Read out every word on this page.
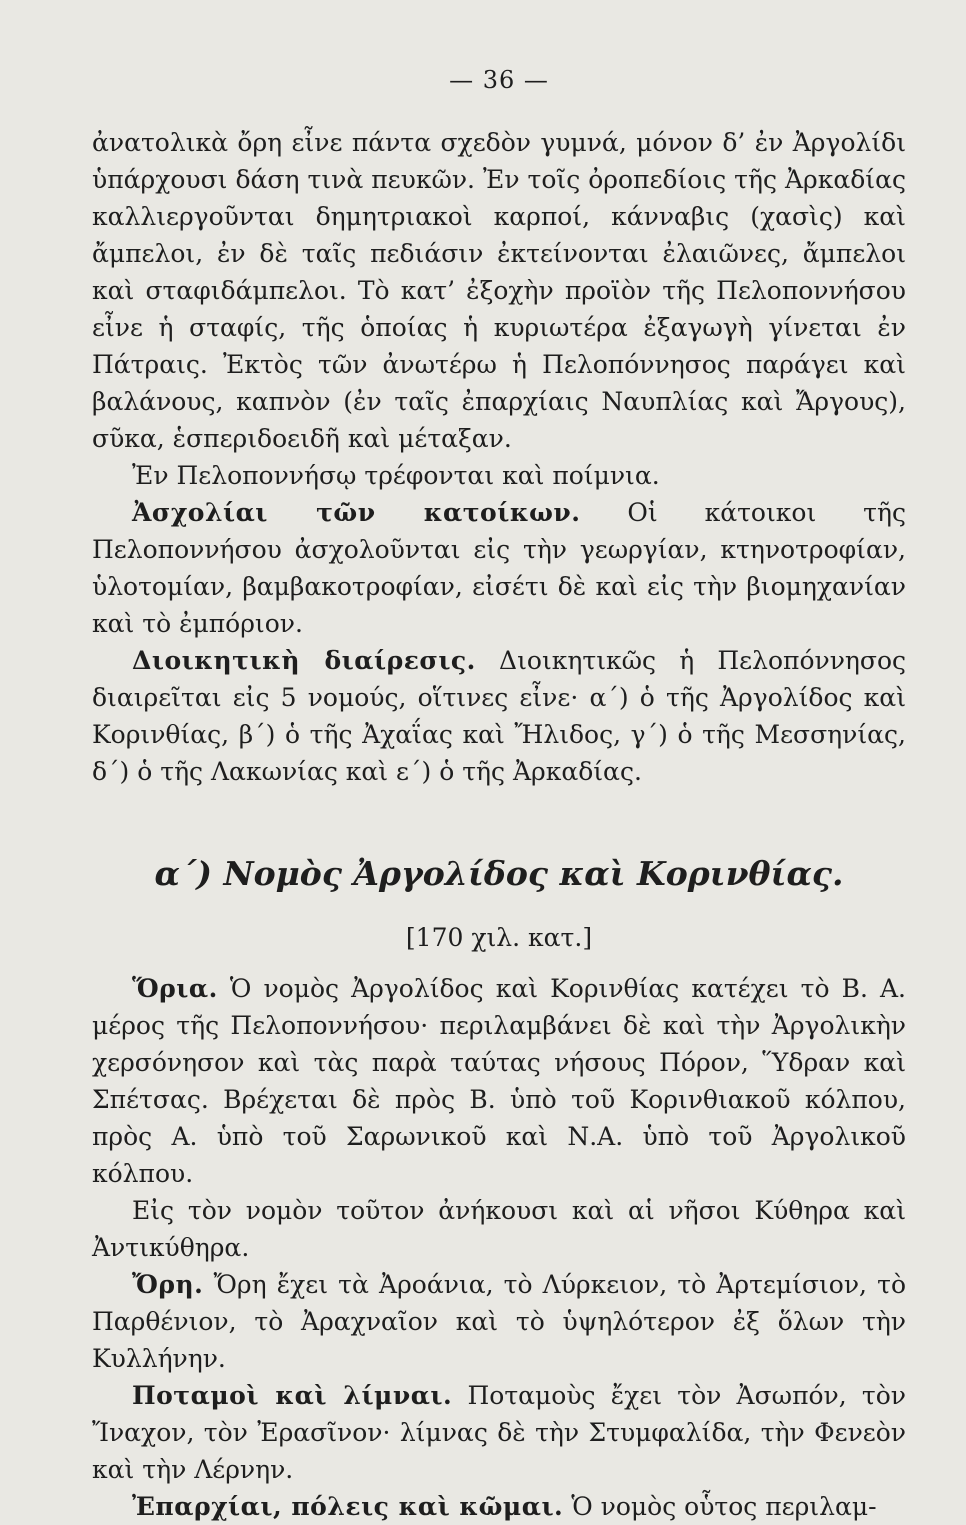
— 36 —

ἀνατολικὰ ὄρη εἶνε πάντα σχεδὸν γυμνά, μόνον δ’ ἐν Ἀργολίδι ὑπάρχουσι δάση τινὰ πευκῶν. Ἐν τοῖς ὀροπεδίοις τῆς Ἀρκαδίας καλλιεργοῦνται δημητριακοὶ καρποί, κάνναβις (χασὶς) καὶ ἄμπελοι, ἐν δὲ ταῖς πεδιάσιν ἐκτείνονται ἐλαιῶνες, ἄμπελοι καὶ σταφιδάμπελοι. Τὸ κατ’ ἐξοχὴν προϊὸν τῆς Πελοποννήσου εἶνε ἡ σταφίς, τῆς ὁποίας ἡ κυριωτέρα ἐξαγωγὴ γίνεται ἐν Πάτραις. Ἐκτὸς τῶν ἀνωτέρω ἡ Πελοπόννησος παράγει καὶ βαλάνους, καπνὸν (ἐν ταῖς ἐπαρχίαις Ναυπλίας καὶ Ἄργους), σῦκα, ἑσπεριδοειδῆ καὶ μέταξαν.

Ἐν Πελοποννήσῳ τρέφονται καὶ ποίμνια.

Ἀσχολίαι τῶν κατοίκων. Οἱ κάτοικοι τῆς Πελοποννήσου ἀσχολοῦνται εἰς τὴν γεωργίαν, κτηνοτροφίαν, ὑλοτομίαν, βαμβακοτροφίαν, εἰσέτι δὲ καὶ εἰς τὴν βιομηχανίαν καὶ τὸ ἐμπόριον.

Διοικητικὴ διαίρεσις. Διοικητικῶς ἡ Πελοπόννησος διαιρεῖται εἰς 5 νομούς, οἵτινες εἶνε· α΄) ὁ τῆς Ἀργολίδος καὶ Κορινθίας, β΄) ὁ τῆς Ἀχαΐας καὶ Ἤλιδος, γ΄) ὁ τῆς Μεσσηνίας, δ΄) ὁ τῆς Λακωνίας καὶ ε΄) ὁ τῆς Ἀρκαδίας.

α΄) Νομὸς Ἀργολίδος καὶ Κορινθίας.
[170 χιλ. κατ.]

Ὅρια. Ὁ νομὸς Ἀργολίδος καὶ Κορινθίας κατέχει τὸ Β. Α. μέρος τῆς Πελοποννήσου· περιλαμβάνει δὲ καὶ τὴν Ἀργολικὴν χερσόνησον καὶ τὰς παρὰ ταύτας νήσους Πόρον, Ὕδραν καὶ Σπέτσας. Βρέχεται δὲ πρὸς Β. ὑπὸ τοῦ Κορινθιακοῦ κόλπου, πρὸς Α. ὑπὸ τοῦ Σαρωνικοῦ καὶ Ν.Α. ὑπὸ τοῦ Ἀργολικοῦ κόλπου.

Εἰς τὸν νομὸν τοῦτον ἀνήκουσι καὶ αἱ νῆσοι Κύθηρα καὶ Ἀντικύθηρα.

Ὄρη. Ὄρη ἔχει τὰ Ἀροάνια, τὸ Λύρκειον, τὸ Ἀρτεμίσιον, τὸ Παρθένιον, τὸ Ἀραχναῖον καὶ τὸ ὑψηλότερον ἐξ ὅλων τὴν Κυλλήνην.

Ποταμοὶ καὶ λίμναι. Ποταμοὺς ἔχει τὸν Ἀσωπόν, τὸν Ἴναχον, τὸν Ἐρασῖνον· λίμνας δὲ τὴν Στυμφαλίδα, τὴν Φενεὸν καὶ τὴν Λέρνην.

Ἐπαρχίαι, πόλεις καὶ κῶμαι. Ὁ νομὸς οὗτος περιλαμ-
